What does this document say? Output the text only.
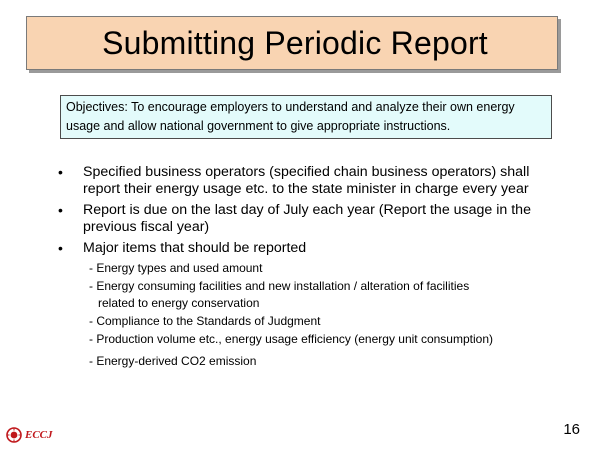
Submitting Periodic Report
Objectives: To encourage employers to understand and analyze their own energy
usage and allow national government to give appropriate instructions.
• Specified business operators (specified chain business operators) shall report their energy usage etc. to the state minister in charge every year
• Report is due on the last day of July each year (Report the usage in the previous fiscal year)
• Major items that should be reported
- Energy types and used amount
- Energy consuming facilities and new installation / alteration of facilities
related to energy conservation
- Compliance to the Standards of Judgment
- Production volume etc., energy usage efficiency (energy unit consumption)
- Energy-derived CO2 emission
16
ECCJ
